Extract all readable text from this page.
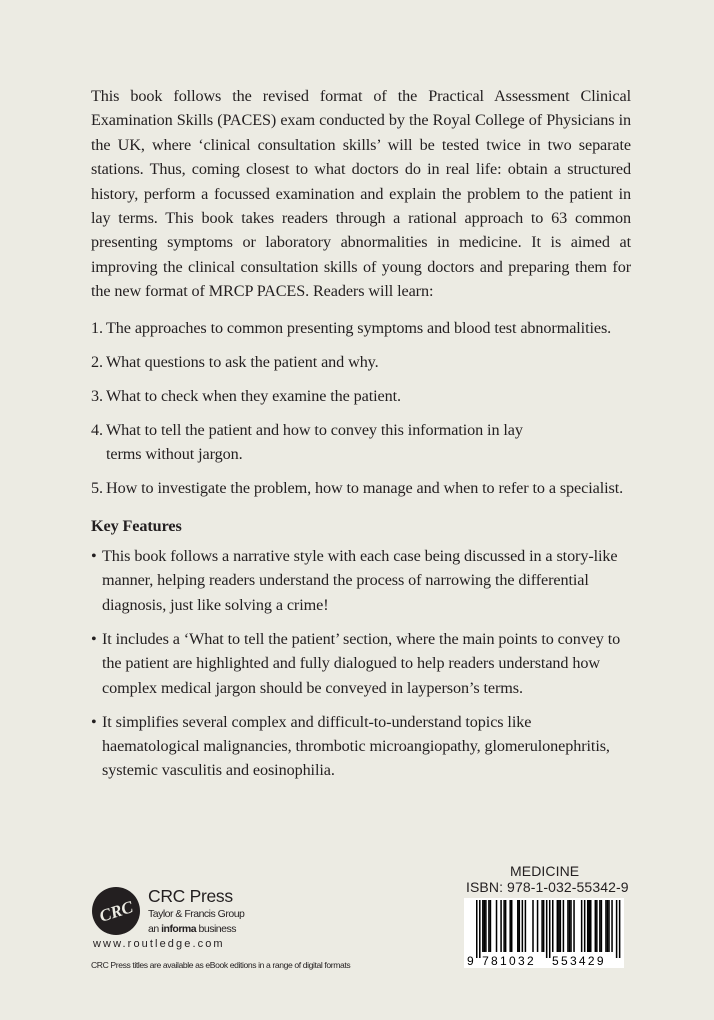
This book follows the revised format of the Practical Assessment Clinical Examination Skills (PACES) exam conducted by the Royal College of Physicians in the UK, where ‘clinical consultation skills’ will be tested twice in two separate stations. Thus, coming closest to what doctors do in real life: obtain a structured history, perform a focussed examination and explain the problem to the patient in lay terms. This book takes readers through a rational approach to 63 common presenting symptoms or laboratory abnormalities in medicine. It is aimed at improving the clinical consultation skills of young doctors and preparing them for the new format of MRCP PACES. Readers will learn:

1. The approaches to common presenting symptoms and blood test abnormalities.
2. What questions to ask the patient and why.
3. What to check when they examine the patient.
4. What to tell the patient and how to convey this information in lay terms without jargon.
5. How to investigate the problem, how to manage and when to refer to a specialist.
Key Features
• This book follows a narrative style with each case being discussed in a story-like manner, helping readers understand the process of narrowing the differential diagnosis, just like solving a crime!
• It includes a ‘What to tell the patient’ section, where the main points to convey to the patient are highlighted and fully dialogued to help readers understand how complex medical jargon should be conveyed in layperson’s terms.
• It simplifies several complex and difficult-to-understand topics like haematological malignancies, thrombotic microangiopathy, glomerulonephritis, systemic vasculitis and eosinophilia.
CRC
CRC Press
Taylor & Francis Group
an informa business
www.routledge.com
CRC Press titles are available as eBook editions in a range of digital formats
MEDICINE
ISBN: 978-1-032-55342-9
9 781032 553429
